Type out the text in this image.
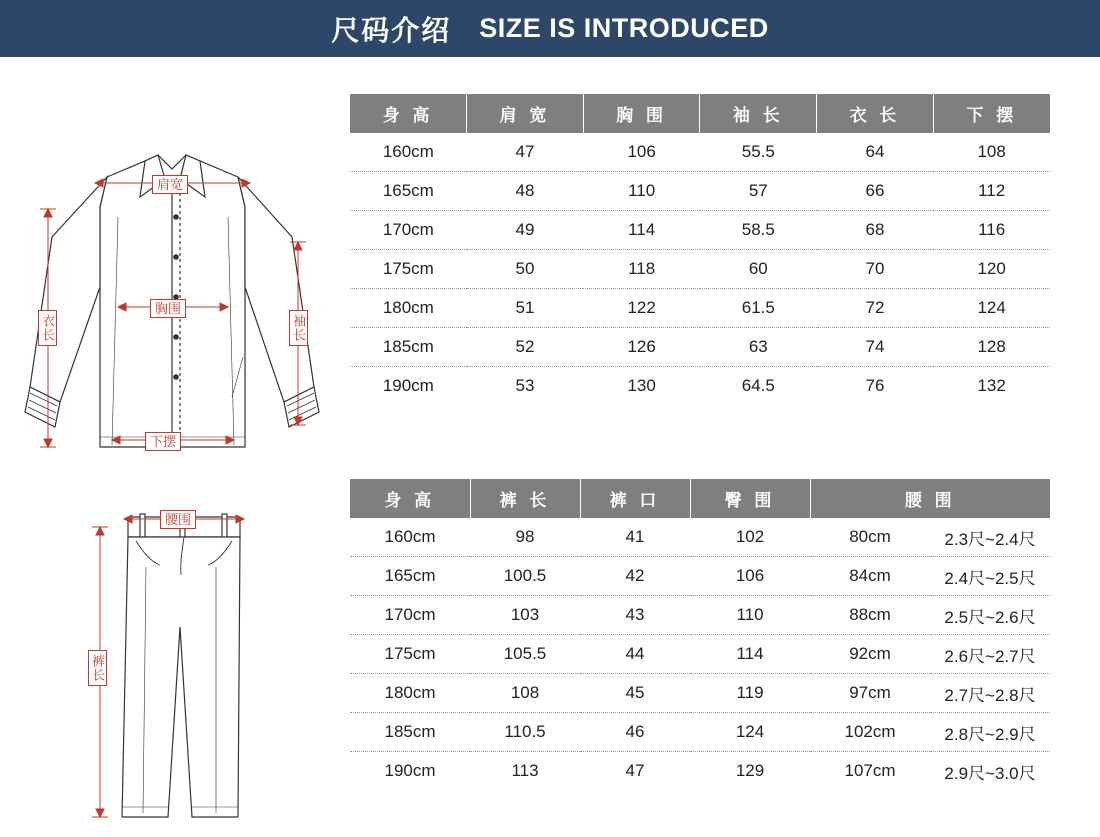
尺码介绍 SIZE IS INTRODUCED
肩宽
胸围
下摆
衣长	袖长
身 高	肩 宽	胸 围	袖 长	衣 长	下 摆
160cm	47	106	55.5	64	108
165cm	48	110	57	66	112
170cm	49	114	58.5	68	116
175cm	50	118	60	70	120
180cm	51	122	61.5	72	124
185cm	52	126	63	74	128
190cm	53	130	64.5	76	132
腰围
身 高	裤 长	裤 口	臀 围	腰 围	
160cm	98	41	102	80cm	2.3尺~2.4尺
165cm	100.5	42	106	84cm	2.4尺~2.5尺
170cm	103	43	110	88cm	2.5尺~2.6尺
175cm	105.5	44	114	92cm	2.6尺~2.7尺
180cm	108	45	119	97cm	2.7尺~2.8尺
185cm	110.5	46	124	102cm	2.8尺~2.9尺
190cm	113	47	129	107cm	2.9尺~3.0尺
裤长
